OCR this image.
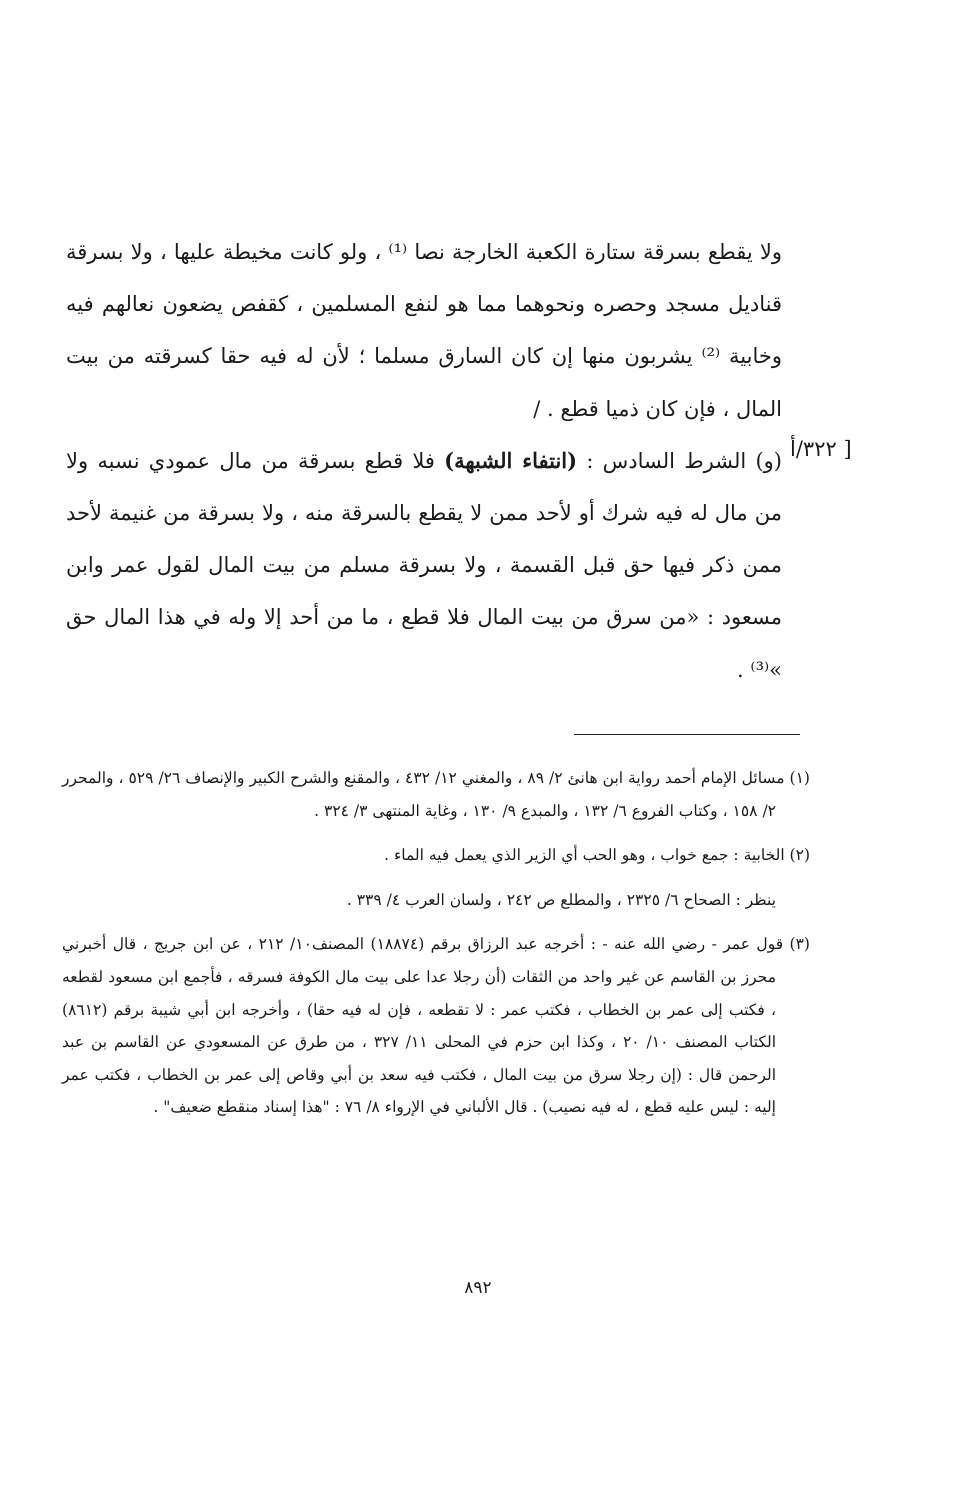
ولا يقطع بسرقة ستارة الكعبة الخارجة نصا ⁽¹⁾ ، ولو كانت مخيطة عليها ، ولا بسرقة قناديل مسجد وحصره ونحوهما مما هو لنفع المسلمين ، كقفص يضعون نعالهم فيه وخابية ⁽²⁾ يشربون منها إن كان السارق مسلما ؛ لأن له فيه حقا كسرقته من بيت المال ، فإن كان ذميا قطع . /

(و) الشرط السادس : (انتفاء الشبهة) فلا قطع بسرقة من مال عمودي نسبه ولا من مال له فيه شرك أو لأحد ممن لا يقطع بالسرقة منه ، ولا بسرقة من غنيمة لأحد ممن ذكر فيها حق قبل القسمة ، ولا بسرقة مسلم من بيت المال لقول عمر وابن مسعود : «من سرق من بيت المال فلا قطع ، ما من أحد إلا وله في هذا المال حق »⁽³⁾ .

[ ٣٢٢/أ

(١) مسائل الإمام أحمد رواية ابن هانئ ٢/ ٨٩ ، والمغني ١٢/ ٤٣٢ ، والمقنع والشرح الكبير والإنصاف ٢٦/ ٥٢٩ ، والمحرر ٢/ ١٥٨ ، وكتاب الفروع ٦/ ١٣٢ ، والمبدع ٩/ ١٣٠ ، وغاية المنتهى ٣/ ٣٢٤ .

(٢) الخابية : جمع خواب ، وهو الحب أي الزير الذي يعمل فيه الماء .

ينظر : الصحاح ٦/ ٢٣٢٥ ، والمطلع ص ٢٤٢ ، ولسان العرب ٤/ ٣٣٩ .

(٣) قول عمر - رضي الله عنه - : أخرجه عبد الرزاق برقم (١٨٨٧٤) المصنف١٠/ ٢١٢ ، عن ابن جريج ، قال أخبرني محرز بن القاسم عن غير واحد من الثقات (أن رجلا عدا على بيت مال الكوفة فسرقه ، فأجمع ابن مسعود لقطعه ، فكتب إلى عمر بن الخطاب ، فكتب عمر : لا تقطعه ، فإن له فيه حقا) ، وأخرجه ابن أبي شيبة برقم (٨٦١٢) الكتاب المصنف ١٠/ ٢٠ ، وكذا ابن حزم في المحلى ١١/ ٣٢٧ ، من طرق عن المسعودي عن القاسم بن عبد الرحمن قال : (إن رجلا سرق من بيت المال ، فكتب فيه سعد بن أبي وقاص إلى عمر بن الخطاب ، فكتب عمر إليه : ليس عليه قطع ، له فيه نصيب) . قال الألباني في الإرواء ٨/ ٧٦ : "هذا إسناد منقطع ضعيف" .

٨٩٢
